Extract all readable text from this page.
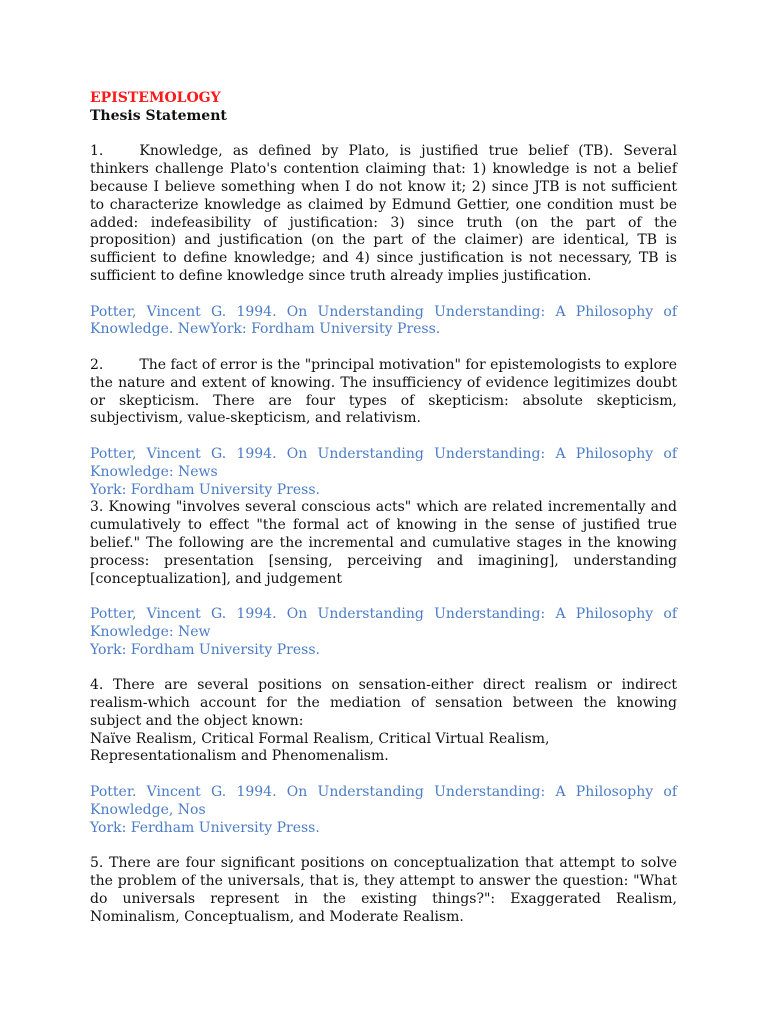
EPISTEMOLOGY
Thesis Statement

1.	Knowledge, as defined by Plato, is justified true belief (TB). Several thinkers challenge Plato's contention claiming that: 1) knowledge is not a belief because I believe something when I do not know it; 2) since JTB is not sufficient to characterize knowledge as claimed by Edmund Gettier, one condition must be added: indefeasibility of justification: 3) since truth (on the part of the proposition) and justification (on the part of the claimer) are identical, TB is sufficient to define knowledge; and 4) since justification is not necessary, TB is sufficient to define knowledge since truth already implies justification.

Potter, Vincent G. 1994. On Understanding Understanding: A Philosophy of Knowledge. NewYork: Fordham University Press.

2.	The fact of error is the "principal motivation" for epistemologists to explore the nature and extent of knowing. The insufficiency of evidence legitimizes doubt or skepticism. There are four types of skepticism: absolute skepticism, subjectivism, value-skepticism, and relativism.

Potter, Vincent G. 1994. On Understanding Understanding: A Philosophy of Knowledge: News
York: Fordham University Press.

3. Knowing "involves several conscious acts" which are related incrementally and cumulatively to effect "the formal act of knowing in the sense of justified true belief." The following are the incremental and cumulative stages in the knowing process: presentation [sensing, perceiving and imagining], understanding [conceptualization], and judgement

Potter, Vincent G. 1994. On Understanding Understanding: A Philosophy of Knowledge: New
York: Fordham University Press.

4. There are several positions on sensation-either direct realism or indirect realism-which account for the mediation of sensation between the knowing subject and the object known:

Naïve Realism, Critical Formal Realism, Critical Virtual Realism,
Representationalism and Phenomenalism.

Potter. Vincent G. 1994. On Understanding Understanding: A Philosophy of Knowledge, Nos
York: Ferdham University Press.

5. There are four significant positions on conceptualization that attempt to solve the problem of the universals, that is, they attempt to answer the question: "What do universals represent in the existing things?": Exaggerated Realism, Nominalism, Conceptualism, and Moderate Realism.
